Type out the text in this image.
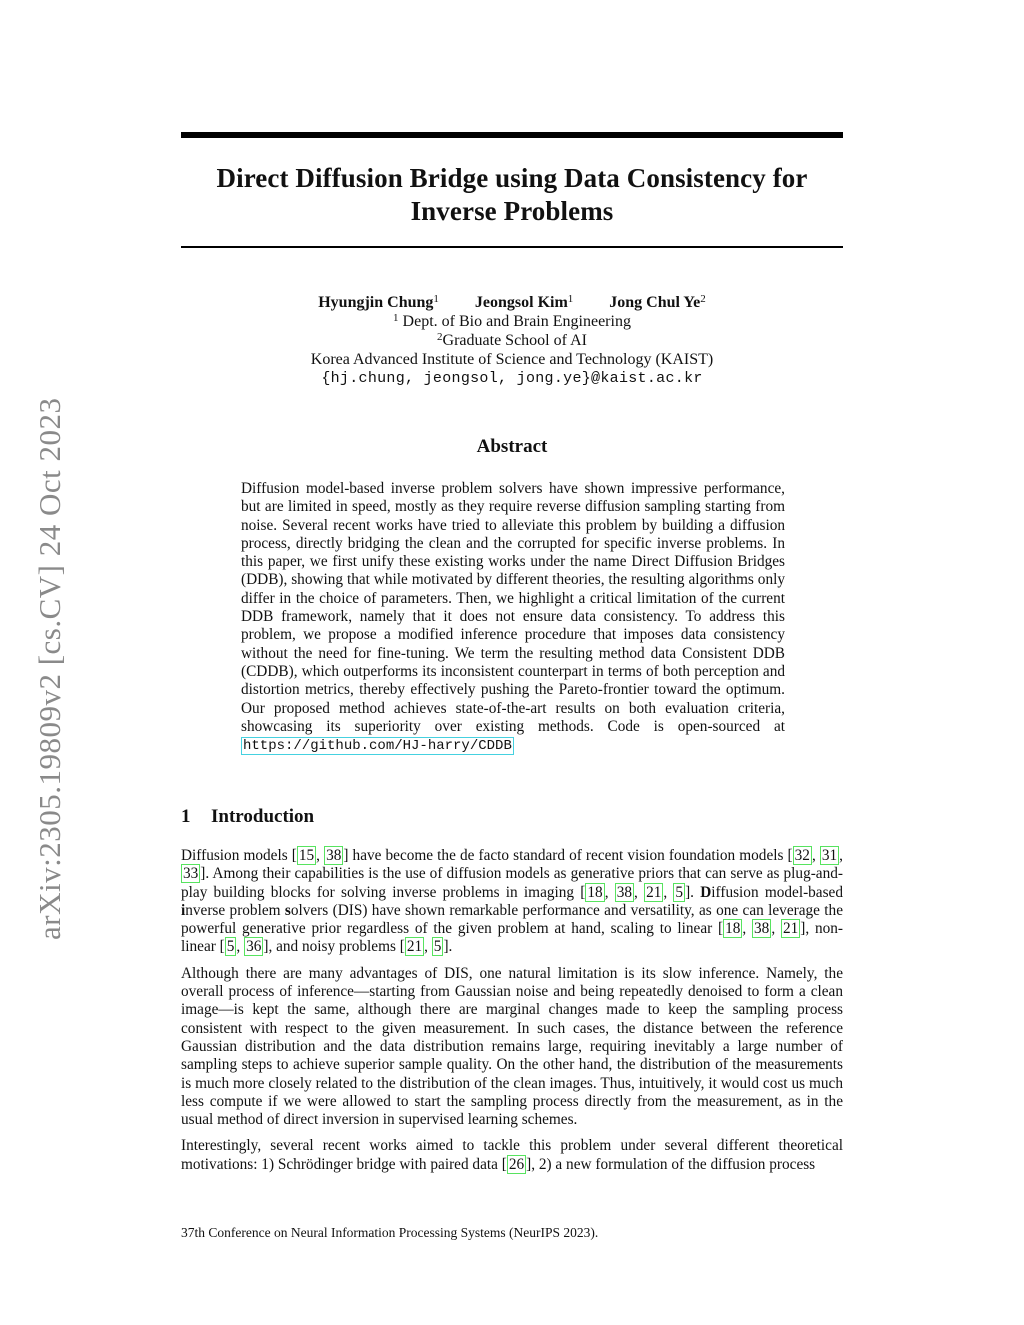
arXiv:2305.19809v2 [cs.CV] 24 Oct 2023
Direct Diffusion Bridge using Data Consistency for
Inverse Problems
Hyungjin Chung$^1$ Jeongsol Kim$^1$ Jong Chul Ye$^2$
$^1$ Dept. of Bio and Brain Engineering
$^2$Graduate School of AI
Korea Advanced Institute of Science and Technology (KAIST)
{hj.chung, jeongsol, jong.ye}@kaist.ac.kr
Abstract
Diffusion model-based inverse problem solvers have shown impressive performance, but are limited in speed, mostly as they require reverse diffusion sampling starting from noise. Several recent works have tried to alleviate this problem by building a diffusion process, directly bridging the clean and the corrupted for specific inverse problems. In this paper, we first unify these existing works under the name Direct Diffusion Bridges (DDB), showing that while motivated by different theories, the resulting algorithms only differ in the choice of parameters. Then, we highlight a critical limitation of the current DDB framework, namely that it does not ensure data consistency. To address this problem, we propose a modified inference procedure that imposes data consistency without the need for fine-tuning. We term the resulting method data Consistent DDB (CDDB), which outperforms its inconsistent counterpart in terms of both perception and distortion metrics, thereby effectively pushing the Pareto-frontier toward the optimum. Our proposed method achieves state-of-the-art results on both evaluation criteria, showcasing its superiority over existing methods. Code is open-sourced at https://github.com/HJ-harry/CDDB
1 Introduction

Diffusion models [ 15 , 38 ] have become the de facto standard of recent vision foundation models [ 32 , 31 , 33 ]. Among their capabilities is the use of diffusion models as generative priors that can serve as plug-and-play building blocks for solving inverse problems in imaging [ 18 , 38 , 21 , 5 ]. Diffusion model-based inverse problem solvers (DIS) have shown remarkable performance and versatility, as one can leverage the powerful generative prior regardless of the given problem at hand, scaling to linear [ 18 , 38 , 21 ], non-linear [ 5 , 36 ], and noisy problems [ 21 , 5 ].

Although there are many advantages of DIS, one natural limitation is its slow inference. Namely, the overall process of inference—starting from Gaussian noise and being repeatedly denoised to form a clean image—is kept the same, although there are marginal changes made to keep the sampling process consistent with respect to the given measurement. In such cases, the distance between the reference Gaussian distribution and the data distribution remains large, requiring inevitably a large number of sampling steps to achieve superior sample quality. On the other hand, the distribution of the measurements is much more closely related to the distribution of the clean images. Thus, intuitively, it would cost us much less compute if we were allowed to start the sampling process directly from the measurement, as in the usual method of direct inversion in supervised learning schemes.

Interestingly, several recent works aimed to tackle this problem under several different theoretical motivations: 1) Schrödinger bridge with paired data [ 26 ], 2) a new formulation of the diffusion process

37th Conference on Neural Information Processing Systems (NeurIPS 2023).
